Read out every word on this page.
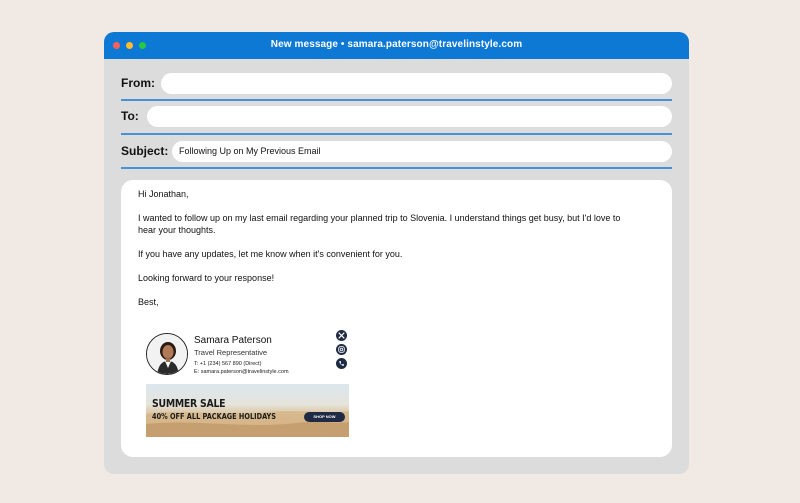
New message • samara.paterson@travelinstyle.com
From:
To:
Subject:	Following Up on My Previous Email

Hi Jonathan,

I wanted to follow up on my last email regarding your planned trip to Slovenia. I understand things get busy, but I'd love to hear your thoughts.

If you have any updates, let me know when it's convenient for you.

Looking forward to your response!

Best,

Samara Paterson
Travel Representative
T: +1 (234) 567 890 (Direct)
E: samara.paterson@travelinstyle.com
SUMMER SALE
40% OFF ALL PACKAGE HOLIDAYS	SHOP NOW
